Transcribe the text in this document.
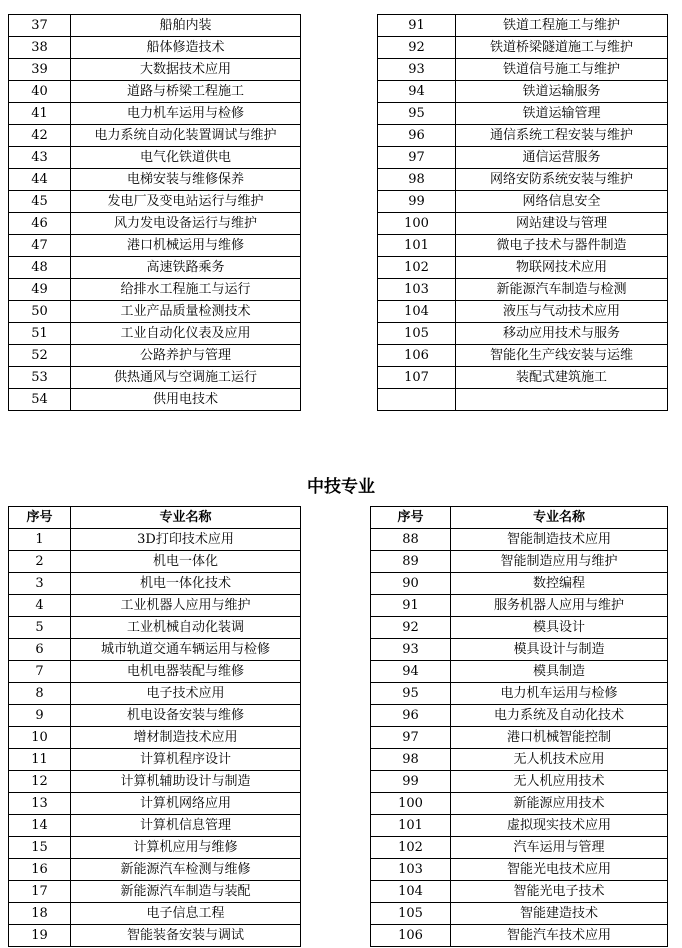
37	船舶内装
38	船体修造技术
39	大数据技术应用
40	道路与桥梁工程施工
41	电力机车运用与检修
42	电力系统自动化装置调试与维护
43	电气化铁道供电
44	电梯安装与维修保养
45	发电厂及变电站运行与维护
46	风力发电设备运行与维护
47	港口机械运用与维修
48	高速铁路乘务
49	给排水工程施工与运行
50	工业产品质量检测技术
51	工业自动化仪表及应用
52	公路养护与管理
53	供热通风与空调施工运行
54	供用电技术
91	铁道工程施工与维护
92	铁道桥梁隧道施工与维护
93	铁道信号施工与维护
94	铁道运输服务
95	铁道运输管理
96	通信系统工程安装与维护
97	通信运营服务
98	网络安防系统安装与维护
99	网络信息安全
100	网站建设与管理
101	微电子技术与器件制造
102	物联网技术应用
103	新能源汽车制造与检测
104	液压与气动技术应用
105	移动应用技术与服务
106	智能化生产线安装与运维
107	装配式建筑施工

中技专业
序号	专业名称
1	3D打印技术应用
2	机电一体化
3	机电一体化技术
4	工业机器人应用与维护
5	工业机械自动化装调
6	城市轨道交通车辆运用与检修
7	电机电器装配与维修
8	电子技术应用
9	机电设备安装与维修
10	增材制造技术应用
11	计算机程序设计
12	计算机辅助设计与制造
13	计算机网络应用
14	计算机信息管理
15	计算机应用与维修
16	新能源汽车检测与维修
17	新能源汽车制造与装配
18	电子信息工程
19	智能装备安装与调试
序号	专业名称
88	智能制造技术应用
89	智能制造应用与维护
90	数控编程
91	服务机器人应用与维护
92	模具设计
93	模具设计与制造
94	模具制造
95	电力机车运用与检修
96	电力系统及自动化技术
97	港口机械智能控制
98	无人机技术应用
99	无人机应用技术
100	新能源应用技术
101	虚拟现实技术应用
102	汽车运用与管理
103	智能光电技术应用
104	智能光电子技术
105	智能建造技术
106	智能汽车技术应用
